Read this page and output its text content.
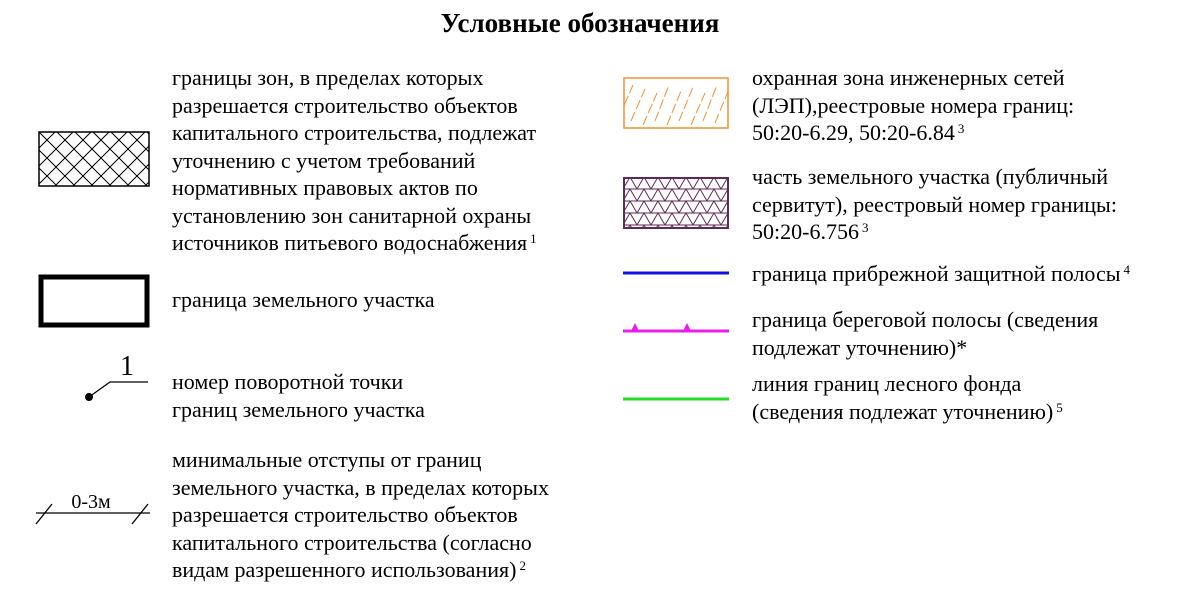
Условные обозначения
границы зон, в пределах которых
разрешается строительство объектов
капитального строительства, подлежат
уточнению с учетом требований
нормативных правовых актов по
установлению зон санитарной охраны
источников питьевого водоснабжения $^1$
граница земельного участка
1 номер поворотной точки
границ земельного участка
0-3м
минимальные отступы от границ
земельного участка, в пределах которых
разрешается строительство объектов
капитального строительства (согласно
видам разрешенного использования) $^2$
охранная зона инженерных сетей
(ЛЭП),реестровые номера границ:
50:20-6.29, 50:20-6.84 $^3$
часть земельного участка (публичный
сервитут), реестровый номер границы:
50:20-6.756 $^3$
граница прибрежной защитной полосы $^4$
граница береговой полосы (сведения
подлежат уточнению)*
линия границ лесного фонда
(сведения подлежат уточнению) $^5$
